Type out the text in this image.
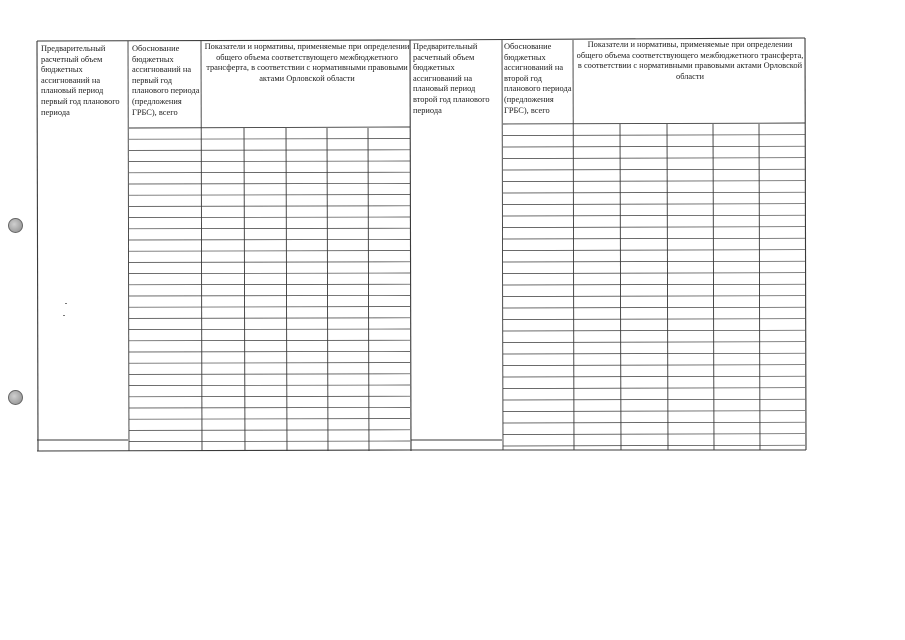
Предварительный расчетный объем бюджетных ассигнований на плановый период первый год планового периода
Обоснование бюджетных ассигнований на первый год планового периода (предложения ГРБС), всего
Показатели и нормативы, применяемые при определении общего объема соответствующего межбюджетного трансферта, в соответствии с нормативными правовыми актами Орловской области
Предварительный расчетный объем бюджетных ассигнований на плановый период второй год планового периода
Обоснование бюджетных ассигнований на второй год планового периода (предложения ГРБС), всего
Показатели и нормативы, применяемые при определении общего объема соответствующего межбюджетного трансферта, в соответствии с нормативными правовыми актами Орловской области
